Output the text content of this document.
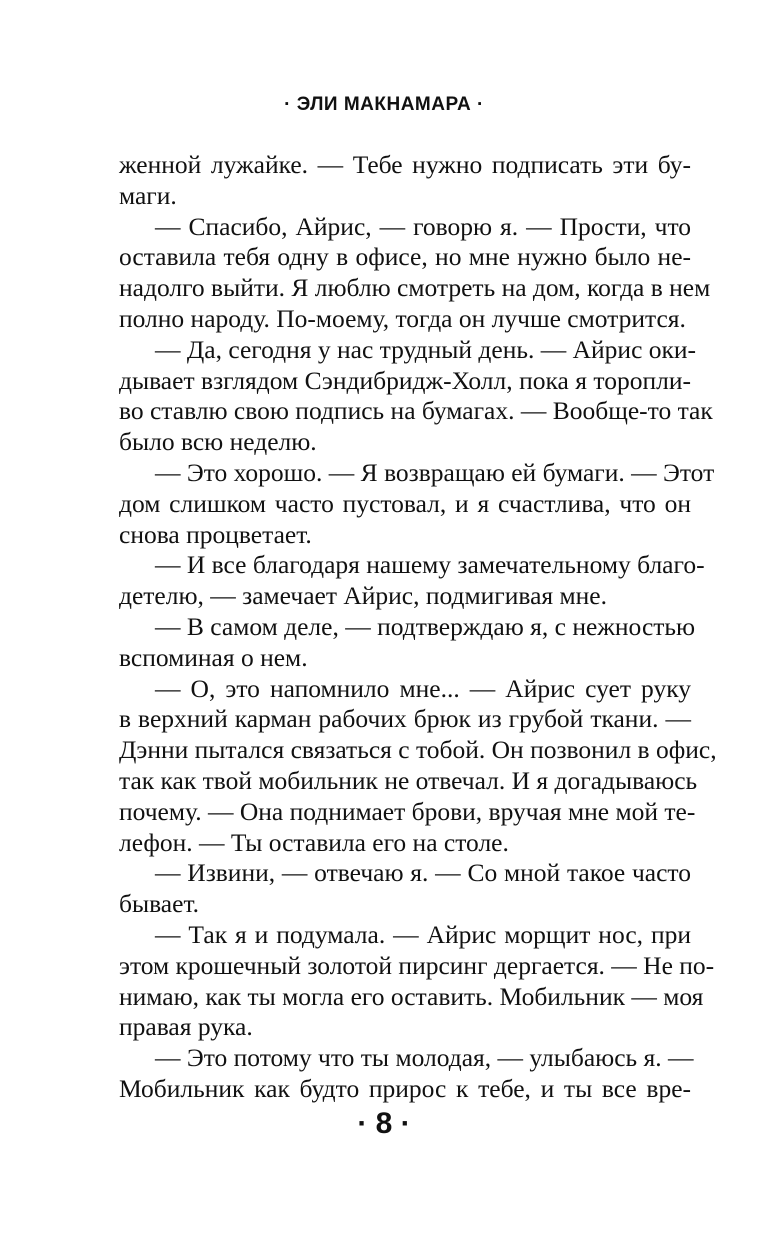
· ЭЛИ МАКНАМАРА ·
женной лужайке. — Тебе нужно подписать эти бу-
маги.
— Спасибо, Айрис, — говорю я. — Прости, что
оставила тебя одну в офисе, но мне нужно было не-
надолго выйти. Я люблю смотреть на дом, когда в нем
полно народу. По-моему, тогда он лучше смотрится.
— Да, сегодня у нас трудный день. — Айрис оки-
дывает взглядом Сэндибридж-Холл, пока я торопли-
во ставлю свою подпись на бумагах. — Вообще-то так
было всю неделю.
— Это хорошо. — Я возвращаю ей бумаги. — Этот
дом слишком часто пустовал, и я счастлива, что он
снова процветает.
— И все благодаря нашему замечательному благо-
детелю, — замечает Айрис, подмигивая мне.
— В самом деле, — подтверждаю я, с нежностью
вспоминая о нем.
— О, это напомнило мне... — Айрис сует руку
в верхний карман рабочих брюк из грубой ткани. —
Дэнни пытался связаться с тобой. Он позвонил в офис,
так как твой мобильник не отвечал. И я догадываюсь
почему. — Она поднимает брови, вручая мне мой те-
лефон. — Ты оставила его на столе.
— Извини, — отвечаю я. — Со мной такое часто
бывает.
— Так я и подумала. — Айрис морщит нос, при
этом крошечный золотой пирсинг дергается. — Не по-
нимаю, как ты могла его оставить. Мобильник — моя
правая рука.
— Это потому что ты молодая, — улыбаюсь я. —
Мобильник как будто прирос к тебе, и ты все вре-
· 8 ·
